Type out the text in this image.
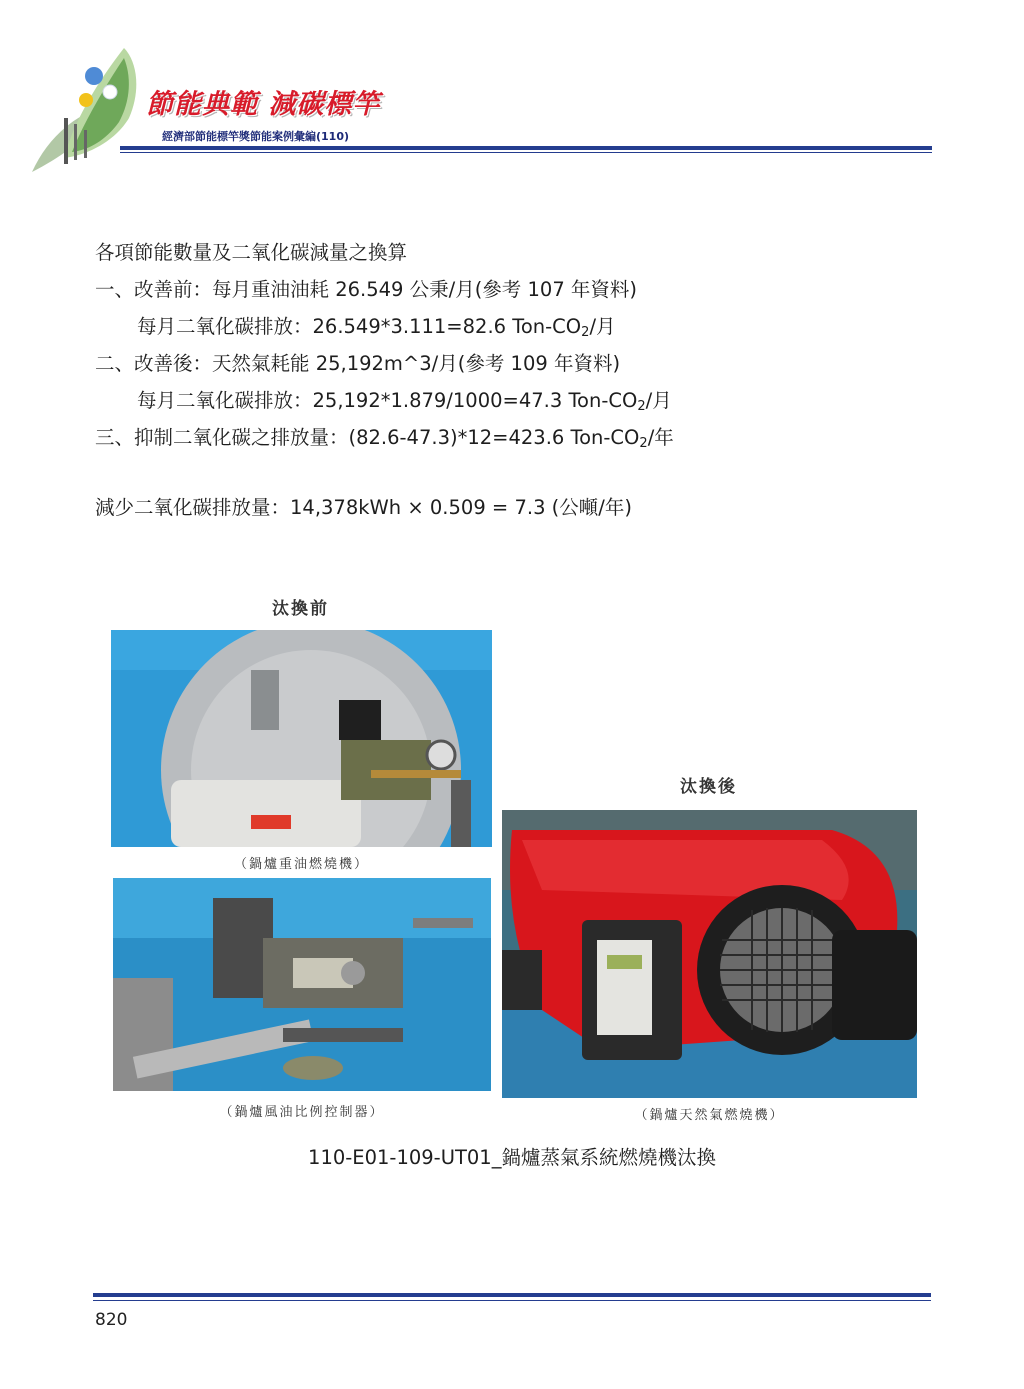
節能典範 減碳標竿
經濟部節能標竿獎節能案例彙編(110)
各項節能數量及二氧化碳減量之換算
一、改善前：每月重油油耗 26.549 公秉/月(參考 107 年資料)
每月二氧化碳排放：26.549*3.111=82.6 Ton-$CO_2/$月
二、改善後：天然氣耗能 25,192m^3/月(參考 109 年資料)
每月二氧化碳排放：25,192*1.879/1000=47.3 Ton-$CO_2/$月
三、抑制二氧化碳之排放量：(82.6-47.3)*12=423.6 Ton-$CO_2/$年
減少二氧化碳排放量：14,378kWh × 0.509 = 7.3 (公噸/年)
汰換前
汰換後
（鍋爐重油燃燒機）
（鍋爐風油比例控制器）	（鍋爐天然氣燃燒機）
110-E01-109-UT01_鍋爐蒸氣系統燃燒機汰換
820
